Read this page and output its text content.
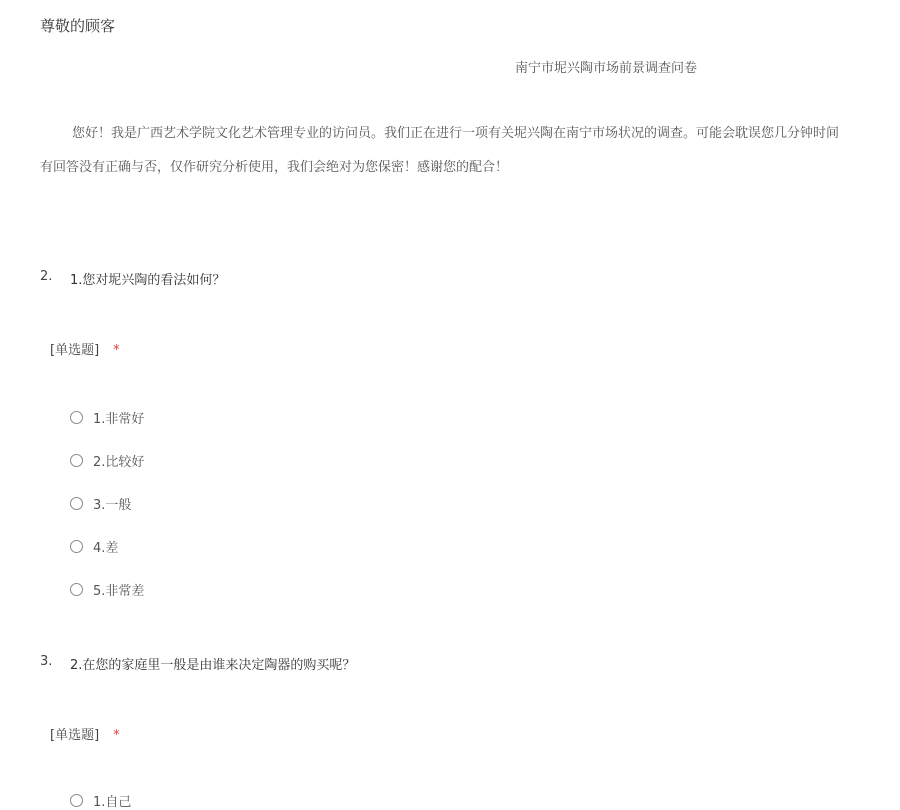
尊敬的顾客
南宁市坭兴陶市场前景调查问卷
您好！我是广西艺术学院文化艺术管理专业的访问员。我们正在进行一项有关坭兴陶在南宁市场状况的调查。可能会耽误您几分钟时间
有回答没有正确与否，仅作研究分析使用，我们会绝对为您保密！感谢您的配合！
2. 1.您对坭兴陶的看法如何？
[单选题] *
1.非常好
2.比较好
3.一般
4.差
5.非常差
3. 2.在您的家庭里一般是由谁来决定陶器的购买呢？
[单选题] *
1.自己
